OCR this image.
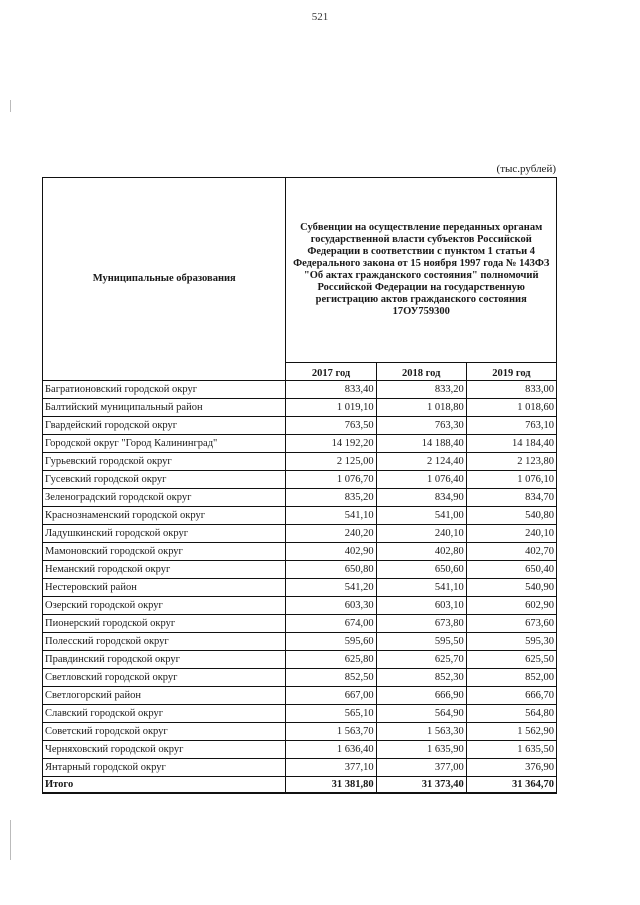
521
(тыс.рублей)
Муниципальные образования	Субвенции на осуществление переданных органам государственной власти субъектов Российской Федерации в соответствии с пунктом 1 статьи 4 Федерального закона от 15 ноября 1997 года № 143ФЗ "Об актах гражданского состояния" полномочий Российской Федерации на государственную регистрацию актов гражданского состояния 17ОУ759300		
	2017 год	2018 год	2019 год
Багратионовский городской округ	833,40	833,20	833,00
Балтийский муниципальный район	1 019,10	1 018,80	1 018,60
Гвардейский городской округ	763,50	763,30	763,10
Городской округ "Город Калининград"	14 192,20	14 188,40	14 184,40
Гурьевский городской округ	2 125,00	2 124,40	2 123,80
Гусевский городской округ	1 076,70	1 076,40	1 076,10
Зеленоградский городской округ	835,20	834,90	834,70
Краснознаменский городской округ	541,10	541,00	540,80
Ладушкинский городской округ	240,20	240,10	240,10
Мамоновский городской округ	402,90	402,80	402,70
Неманский городской округ	650,80	650,60	650,40
Нестеровский район	541,20	541,10	540,90
Озерский городской округ	603,30	603,10	602,90
Пионерский городской округ	674,00	673,80	673,60
Полесский городской округ	595,60	595,50	595,30
Правдинский городской округ	625,80	625,70	625,50
Светловский городской округ	852,50	852,30	852,00
Светлогорский район	667,00	666,90	666,70
Славский городской округ	565,10	564,90	564,80
Советский городской округ	1 563,70	1 563,30	1 562,90
Черняховский городской округ	1 636,40	1 635,90	1 635,50
Янтарный городской округ	377,10	377,00	376,90
Итого	31 381,80	31 373,40	31 364,70
